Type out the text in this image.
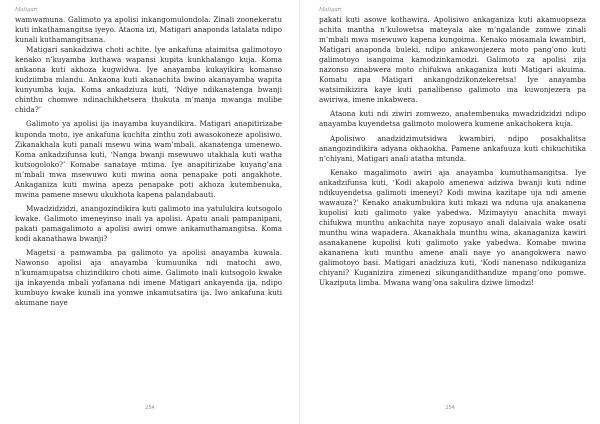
Matigari

wamwamuna. Galimoto ya apolisi inkangomulondola. Zinali zoonekeratu kuti inkathamangitsa iyeyo. Ataona izi, Matigari anaponda latalata ndipo kunali kuthamangitsana.

Matigari sankadziwa choti achite. Iye ankafuna ataimitsa galimotoyo kenako n’kuyamba kuthawa wapansi kupita kunkhalango kuja. Koma ankaona kuti akhoza kugwidwa. Iye anayamba kukayikira komanso kudziimba mlandu. Ankaona kuti akanachita bwino akanayamba wapita kunyumba kuja. Koma ankadziuza kuti, ‘Ndiye ndikanatenga bwanji chinthu chomwe ndinachikhetsera thukuta m’manja mwanga mulibe chida?’

Galimoto ya apolisi ija inayamba kuyandikira. Matigari anapitirizabe kuponda moto, iye ankafuna kuchita zinthu zoti awasokoneze apolisiwo. Zikanakhala kuti panali msewu wina wam’mbali, akanatenga umenewo. Koma ankadzifunsa kuti, ‘Nanga bwanji msewuwo utakhala kuti watha kutsogoloko?’ Komabe sanataye mtima. Iye anapitirizabe kuyang’ana m’mbali mwa msewuwo kuti mwina aona penapake poti angakhote. Ankaganiza kuti mwina apeza penapake poti akhoza kutembenuka, mwina pamene msewu ukukhota kapena palandabauti.

Mwadzidzidzi, anangozindikira kuti galimoto ina yatulukira kutsogolo kwake. Galimoto imeneyinso inali ya apolisi. Apatu anali pampanipani, pakati pamagalimoto a apolisi awiri omwe ankamuthamangitsa. Koma kodi akanathawa bwanji?

Magetsi a pamwamba pa galimoto ya apolisi anayamba kuwala. Nawonso apolisi aja anayamba kumuunika ndi matochi awo, n’kumamupatsa chizindikiro choti aime. Galimoto inali kutsogolo kwake ija inkayenda mbali yofanana ndi imene Matigari ankayenda ija, ndipo kumbuyo kwake kunali ina yomwe inkamutsatira ija. Iwo ankafuna kuti akumane naye

254
Matigari

pakati kuti asowe kothawira. Apolisiwo ankaganiza kuti akamuopseza achita mantha n’kulowetsa mateyala ake m’ngalande zomwe zinali m’mbali mwa msewuwo kapena kungoima. Kenako mosamala kwambiri, Matigari anaponda buleki, ndipo ankawonjezera moto pang’ono kuti galimotoyo isangoima kamodzinkamodzi. Galimoto za apolisi zija nazonso zinabwera moto chifukwa ankaganiza kuti Matigari akuima. Komatu apa Matigari ankangodzikonzekeretsa! Iye anayamba watsimikizira kaye kuti panalibenso galimoto ina kuwonjezera pa awiriwa, imene inkabwera.

Ataona kuti ndi ziwiri zomwezo, anatembenuka mwadzidzidzi ndipo anayamba kuyendetsa galimoto molowera kumene ankachokera kuja.

Apolisiwo anadzidzimutsidwa kwambiri, ndipo posakhalitsa anangozindikira adyana okhaokha. Pamene ankafuuza kuti chikuchitika n’chiyani, Matigari anali atatha mtunda.

Kenako magalimoto awiri aja anayamba kumuthamangitsa. Iye ankadzifunsa kuti, ‘Kodi akapolo amenewa adziwa bwanji kuti ndine ndikuyendetsa galimoti imeneyi? Kodi mwina kazitape uja ndi amene wawauza?’ Kenako anakumbukira kuti mkazi wa nduna uja anakanena kupolisi kuti galimoto yake yabedwa. Mzimayiyu anachita mwayi chifukwa munthu ankachita naye zopusayo anali dalaivala wake osati munthu wina wapadera. Akanakhala munthu wina, akanaganiza kawiri asanakanene kupolisi kuti galimoto yake yabedwa. Komabe mwina akananena kuti munthu amene anali naye yo anangokwera nawo galimotoyo basi. Matigari anadziuza kuti, ‘Kodi nanenaso ndikuganiza chiyani? Kuganizira zimenezi sikungandithandize mpang’ono pomwe. Ukaziputa limba. Mwana wang’ona sakulira dziwe limodzi!

254
